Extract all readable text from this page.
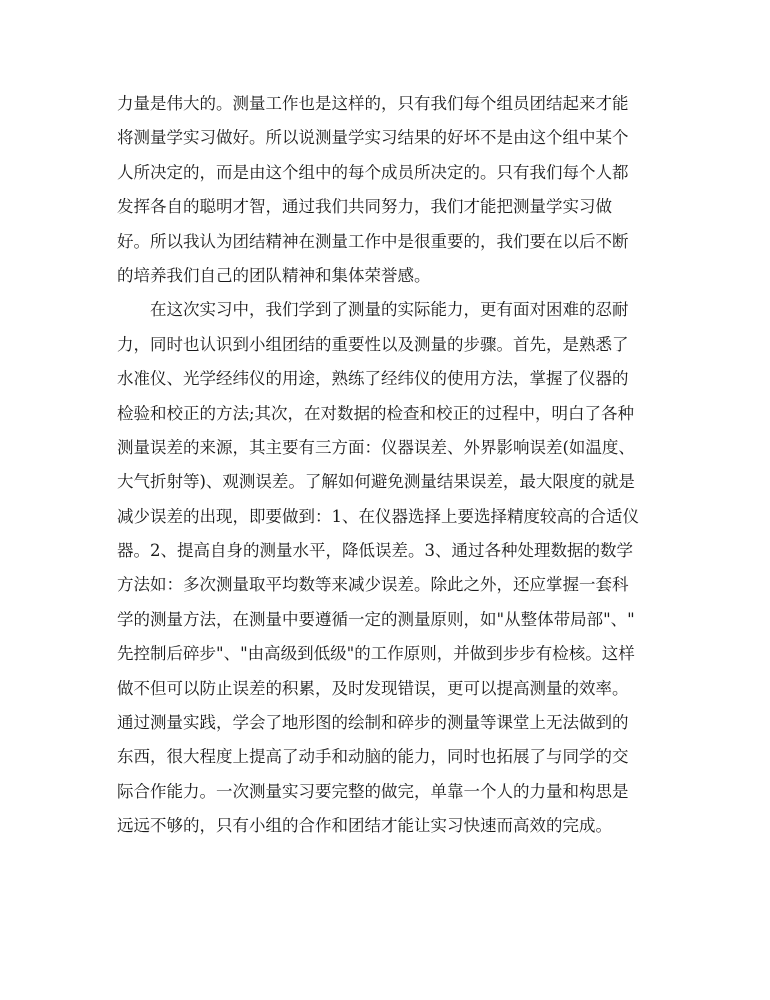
力量是伟大的。测量工作也是这样的，只有我们每个组员团结起来才能
将测量学实习做好。所以说测量学实习结果的好坏不是由这个组中某个
人所决定的，而是由这个组中的每个成员所决定的。只有我们每个人都
发挥各自的聪明才智，通过我们共同努力，我们才能把测量学实习做
好。所以我认为团结精神在测量工作中是很重要的，我们要在以后不断
的培养我们自己的团队精神和集体荣誉感。
　　在这次实习中，我们学到了测量的实际能力，更有面对困难的忍耐
力，同时也认识到小组团结的重要性以及测量的步骤。首先，是熟悉了
水准仪、光学经纬仪的用途，熟练了经纬仪的使用方法，掌握了仪器的
检验和校正的方法;其次，在对数据的检查和校正的过程中，明白了各种
测量误差的来源，其主要有三方面：仪器误差、外界影响误差(如温度、
大气折射等)、观测误差。了解如何避免测量结果误差，最大限度的就是
减少误差的出现，即要做到：1、在仪器选择上要选择精度较高的合适仪
器。2、提高自身的测量水平，降低误差。3、通过各种处理数据的数学
方法如：多次测量取平均数等来减少误差。除此之外，还应掌握一套科
学的测量方法，在测量中要遵循一定的测量原则，如"从整体带局部"、"
先控制后碎步"、"由高级到低级"的工作原则，并做到步步有检核。这样
做不但可以防止误差的积累，及时发现错误，更可以提高测量的效率。
通过测量实践，学会了地形图的绘制和碎步的测量等课堂上无法做到的
东西，很大程度上提高了动手和动脑的能力，同时也拓展了与同学的交
际合作能力。一次测量实习要完整的做完，单靠一个人的力量和构思是
远远不够的，只有小组的合作和团结才能让实习快速而高效的完成。
